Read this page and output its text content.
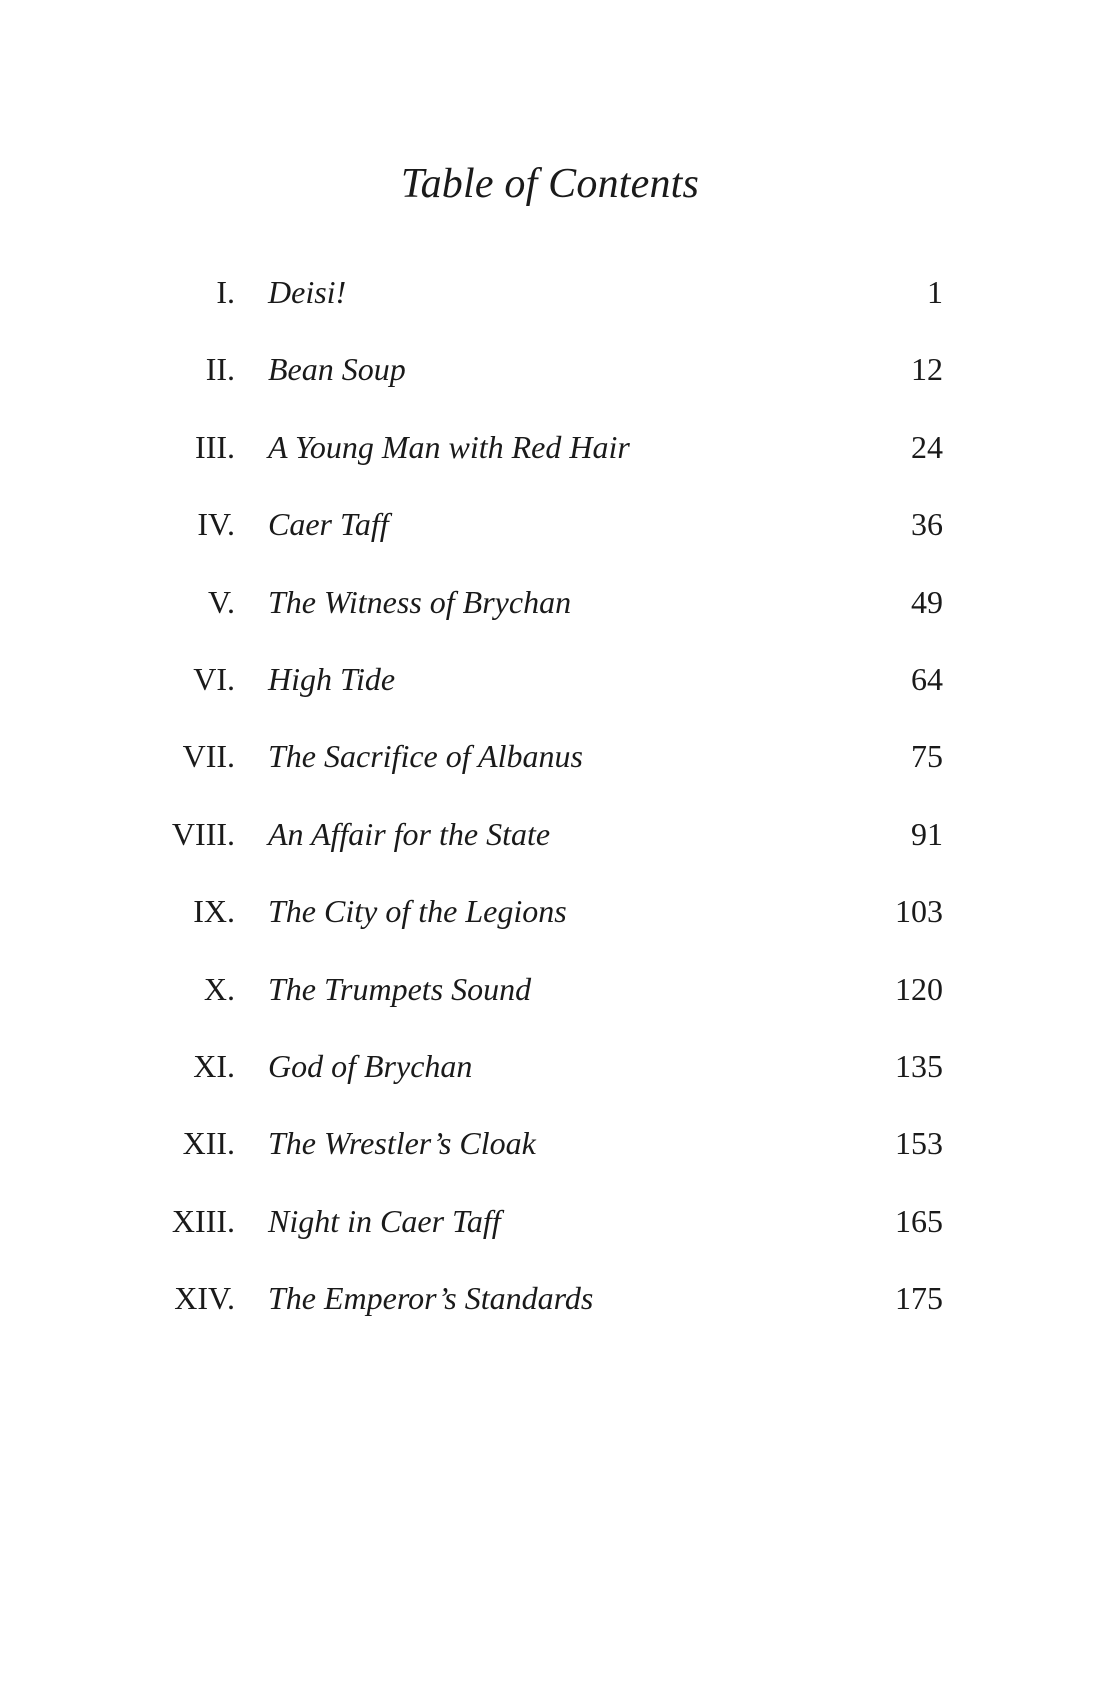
Table of Contents
I. Deisi!	1
II. Bean Soup	12
III. A Young Man with Red Hair	24
IV. Caer Taff	36
V. The Witness of Brychan	49
VI. High Tide	64
VII. The Sacrifice of Albanus	75
VIII. An Affair for the State	91
IX. The City of the Legions	103
X. The Trumpets Sound	120
XI. God of Brychan	135
XII. The Wrestler’s Cloak	153
XIII. Night in Caer Taff	165
XIV. The Emperor’s Standards	175
